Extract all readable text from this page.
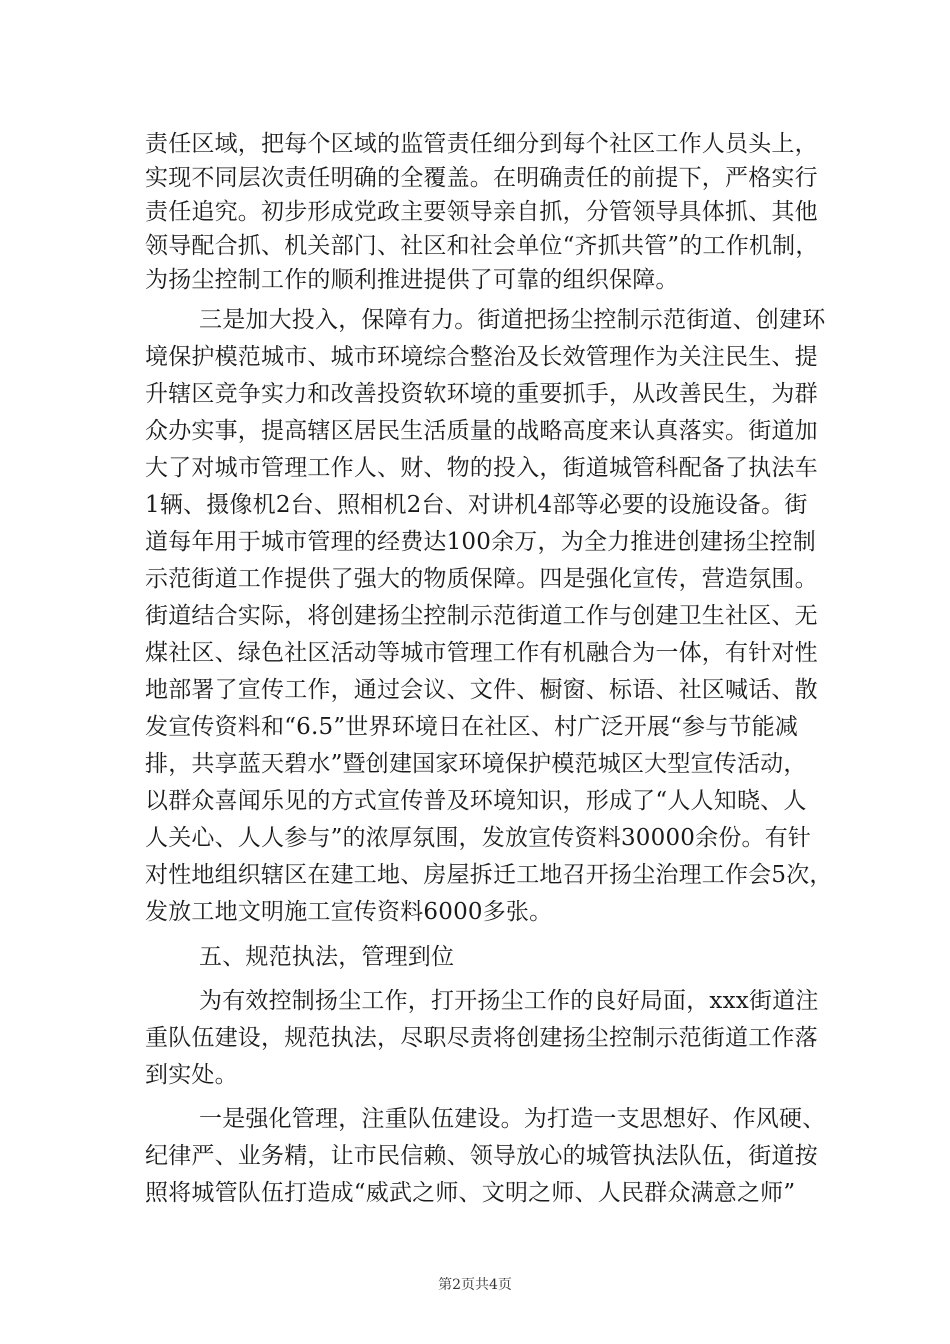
责任区域，把每个区域的监管责任细分到每个社区工作人员头上，
实现不同层次责任明确的全覆盖。在明确责任的前提下，严格实行
责任追究。初步形成党政主要领导亲自抓，分管领导具体抓、其他
领导配合抓、机关部门、社区和社会单位“齐抓共管”的工作机制，
为扬尘控制工作的顺利推进提供了可靠的组织保障。
三是加大投入，保障有力。街道把扬尘控制示范街道、创建环
境保护模范城市、城市环境综合整治及长效管理作为关注民生、提
升辖区竞争实力和改善投资软环境的重要抓手，从改善民生，为群
众办实事，提高辖区居民生活质量的战略高度来认真落实。街道加
大了对城市管理工作人、财、物的投入，街道城管科配备了执法车
1辆、摄像机2台、照相机2台、对讲机4部等必要的设施设备。街
道每年用于城市管理的经费达100余万，为全力推进创建扬尘控制
示范街道工作提供了强大的物质保障。四是强化宣传，营造氛围。
街道结合实际，将创建扬尘控制示范街道工作与创建卫生社区、无
煤社区、绿色社区活动等城市管理工作有机融合为一体，有针对性
地部署了宣传工作，通过会议、文件、橱窗、标语、社区喊话、散
发宣传资料和“6.5”世界环境日在社区、村广泛开展“参与节能减
排，共享蓝天碧水”暨创建国家环境保护模范城区大型宣传活动，
以群众喜闻乐见的方式宣传普及环境知识，形成了“人人知晓、人
人关心、人人参与”的浓厚氛围，发放宣传资料30000余份。有针
对性地组织辖区在建工地、房屋拆迁工地召开扬尘治理工作会5次，
发放工地文明施工宣传资料6000多张。
五、规范执法，管理到位
为有效控制扬尘工作，打开扬尘工作的良好局面，xxx街道注
重队伍建设，规范执法，尽职尽责将创建扬尘控制示范街道工作落
到实处。
一是强化管理，注重队伍建设。为打造一支思想好、作风硬、
纪律严、业务精，让市民信赖、领导放心的城管执法队伍，街道按
照将城管队伍打造成“威武之师、文明之师、人民群众满意之师”
第2页共4页
